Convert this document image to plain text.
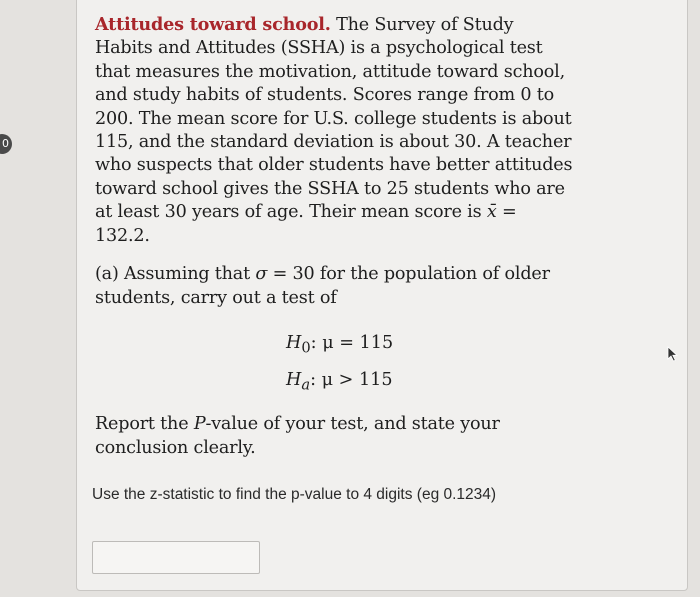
0
Attitudes toward school. The Survey of Study Habits and Attitudes (SSHA) is a psychological test that measures the motivation, attitude toward school, and study habits of students. Scores range from 0 to 200. The mean score for U.S. college students is about 115, and the standard deviation is about 30. A teacher who suspects that older students have better attitudes toward school gives the SSHA to 25 students who are at least 30 years of age. Their mean score is x̄ = 132.2.
(a) Assuming that σ = 30 for the population of older students, carry out a test of
$H_0$: μ = 115
$H_a$: μ > 115
Report the P-value of your test, and state your conclusion clearly.
Use the z-statistic to find the p-value to 4 digits (eg 0.1234)
